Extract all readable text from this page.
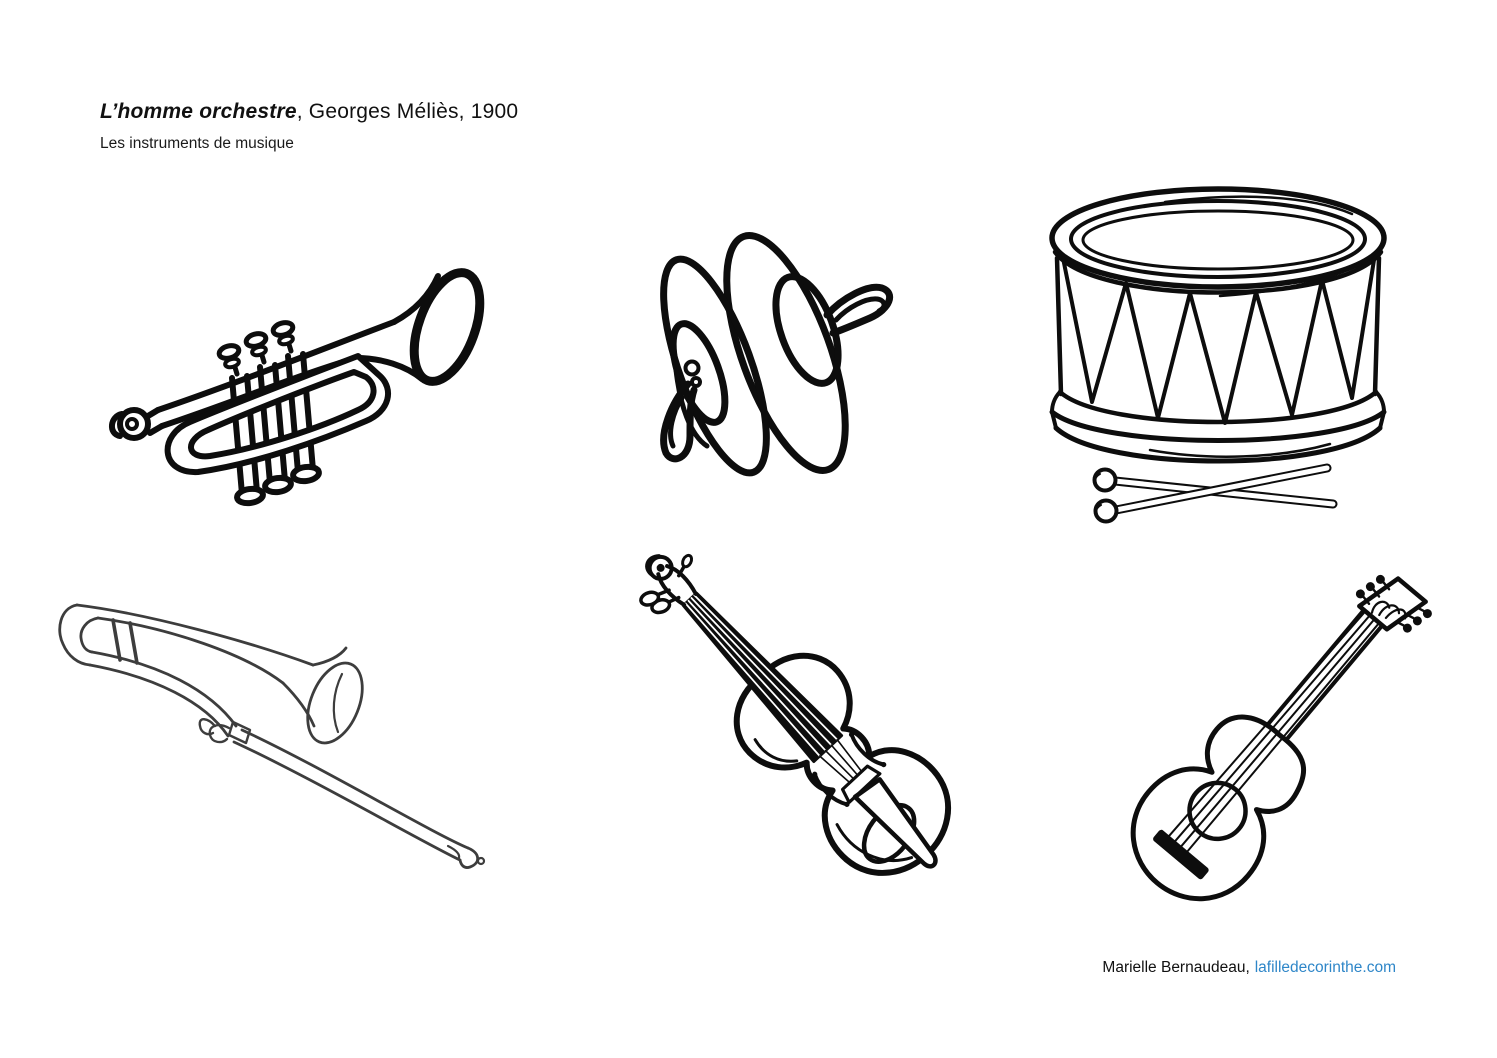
L’homme orchestre, Georges Méliès, 1900
Les instruments de musique
Marielle Bernaudeau, lafilledecorinthe.com
